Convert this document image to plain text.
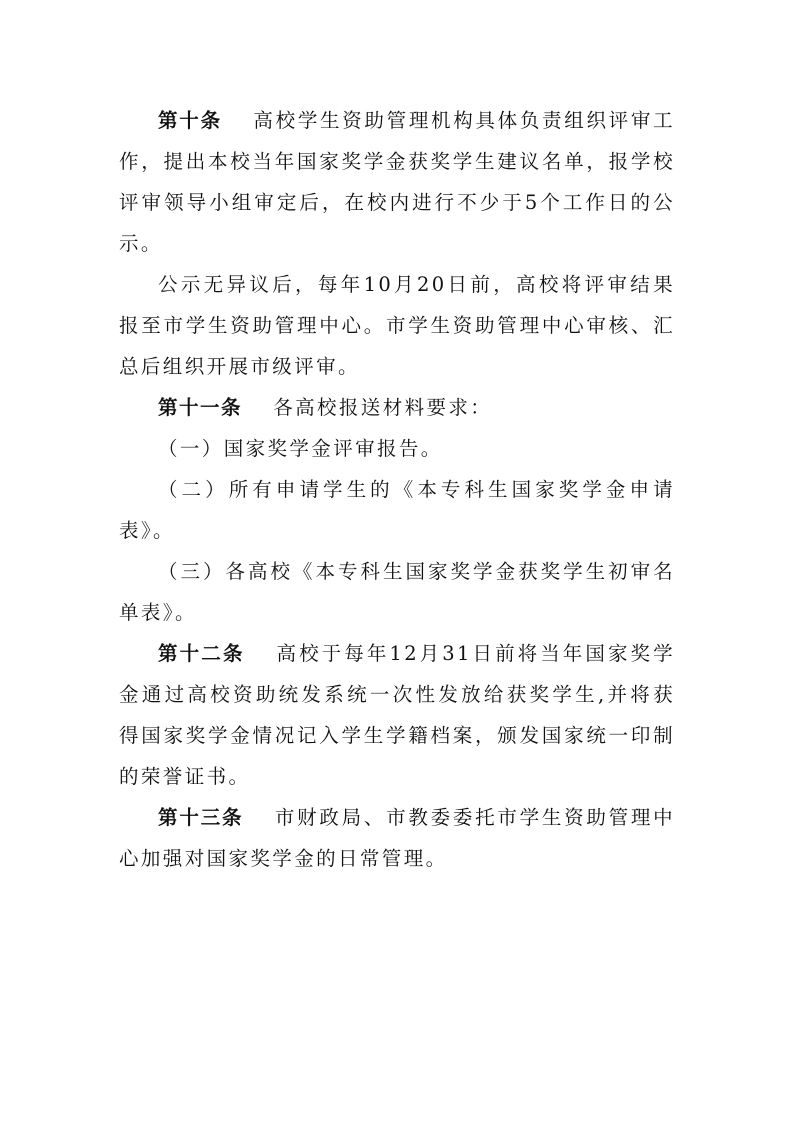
第十条 高校学生资助管理机构具体负责组织评审工作，提出本校当年国家奖学金获奖学生建议名单，报学校评审领导小组审定后，在校内进行不少于5个工作日的公示。

公示无异议后，每年10月20日前，高校将评审结果报至市学生资助管理中心。市学生资助管理中心审核、汇总后组织开展市级评审。

第十一条 各高校报送材料要求：

（一）国家奖学金评审报告。

（二）所有申请学生的《本专科生国家奖学金申请表》。

（三）各高校《本专科生国家奖学金获奖学生初审名单表》。

第十二条 高校于每年12月31日前将当年国家奖学金通过高校资助统发系统一次性发放给获奖学生,并将获得国家奖学金情况记入学生学籍档案，颁发国家统一印制的荣誉证书。

第十三条 市财政局、市教委委托市学生资助管理中心加强对国家奖学金的日常管理。
